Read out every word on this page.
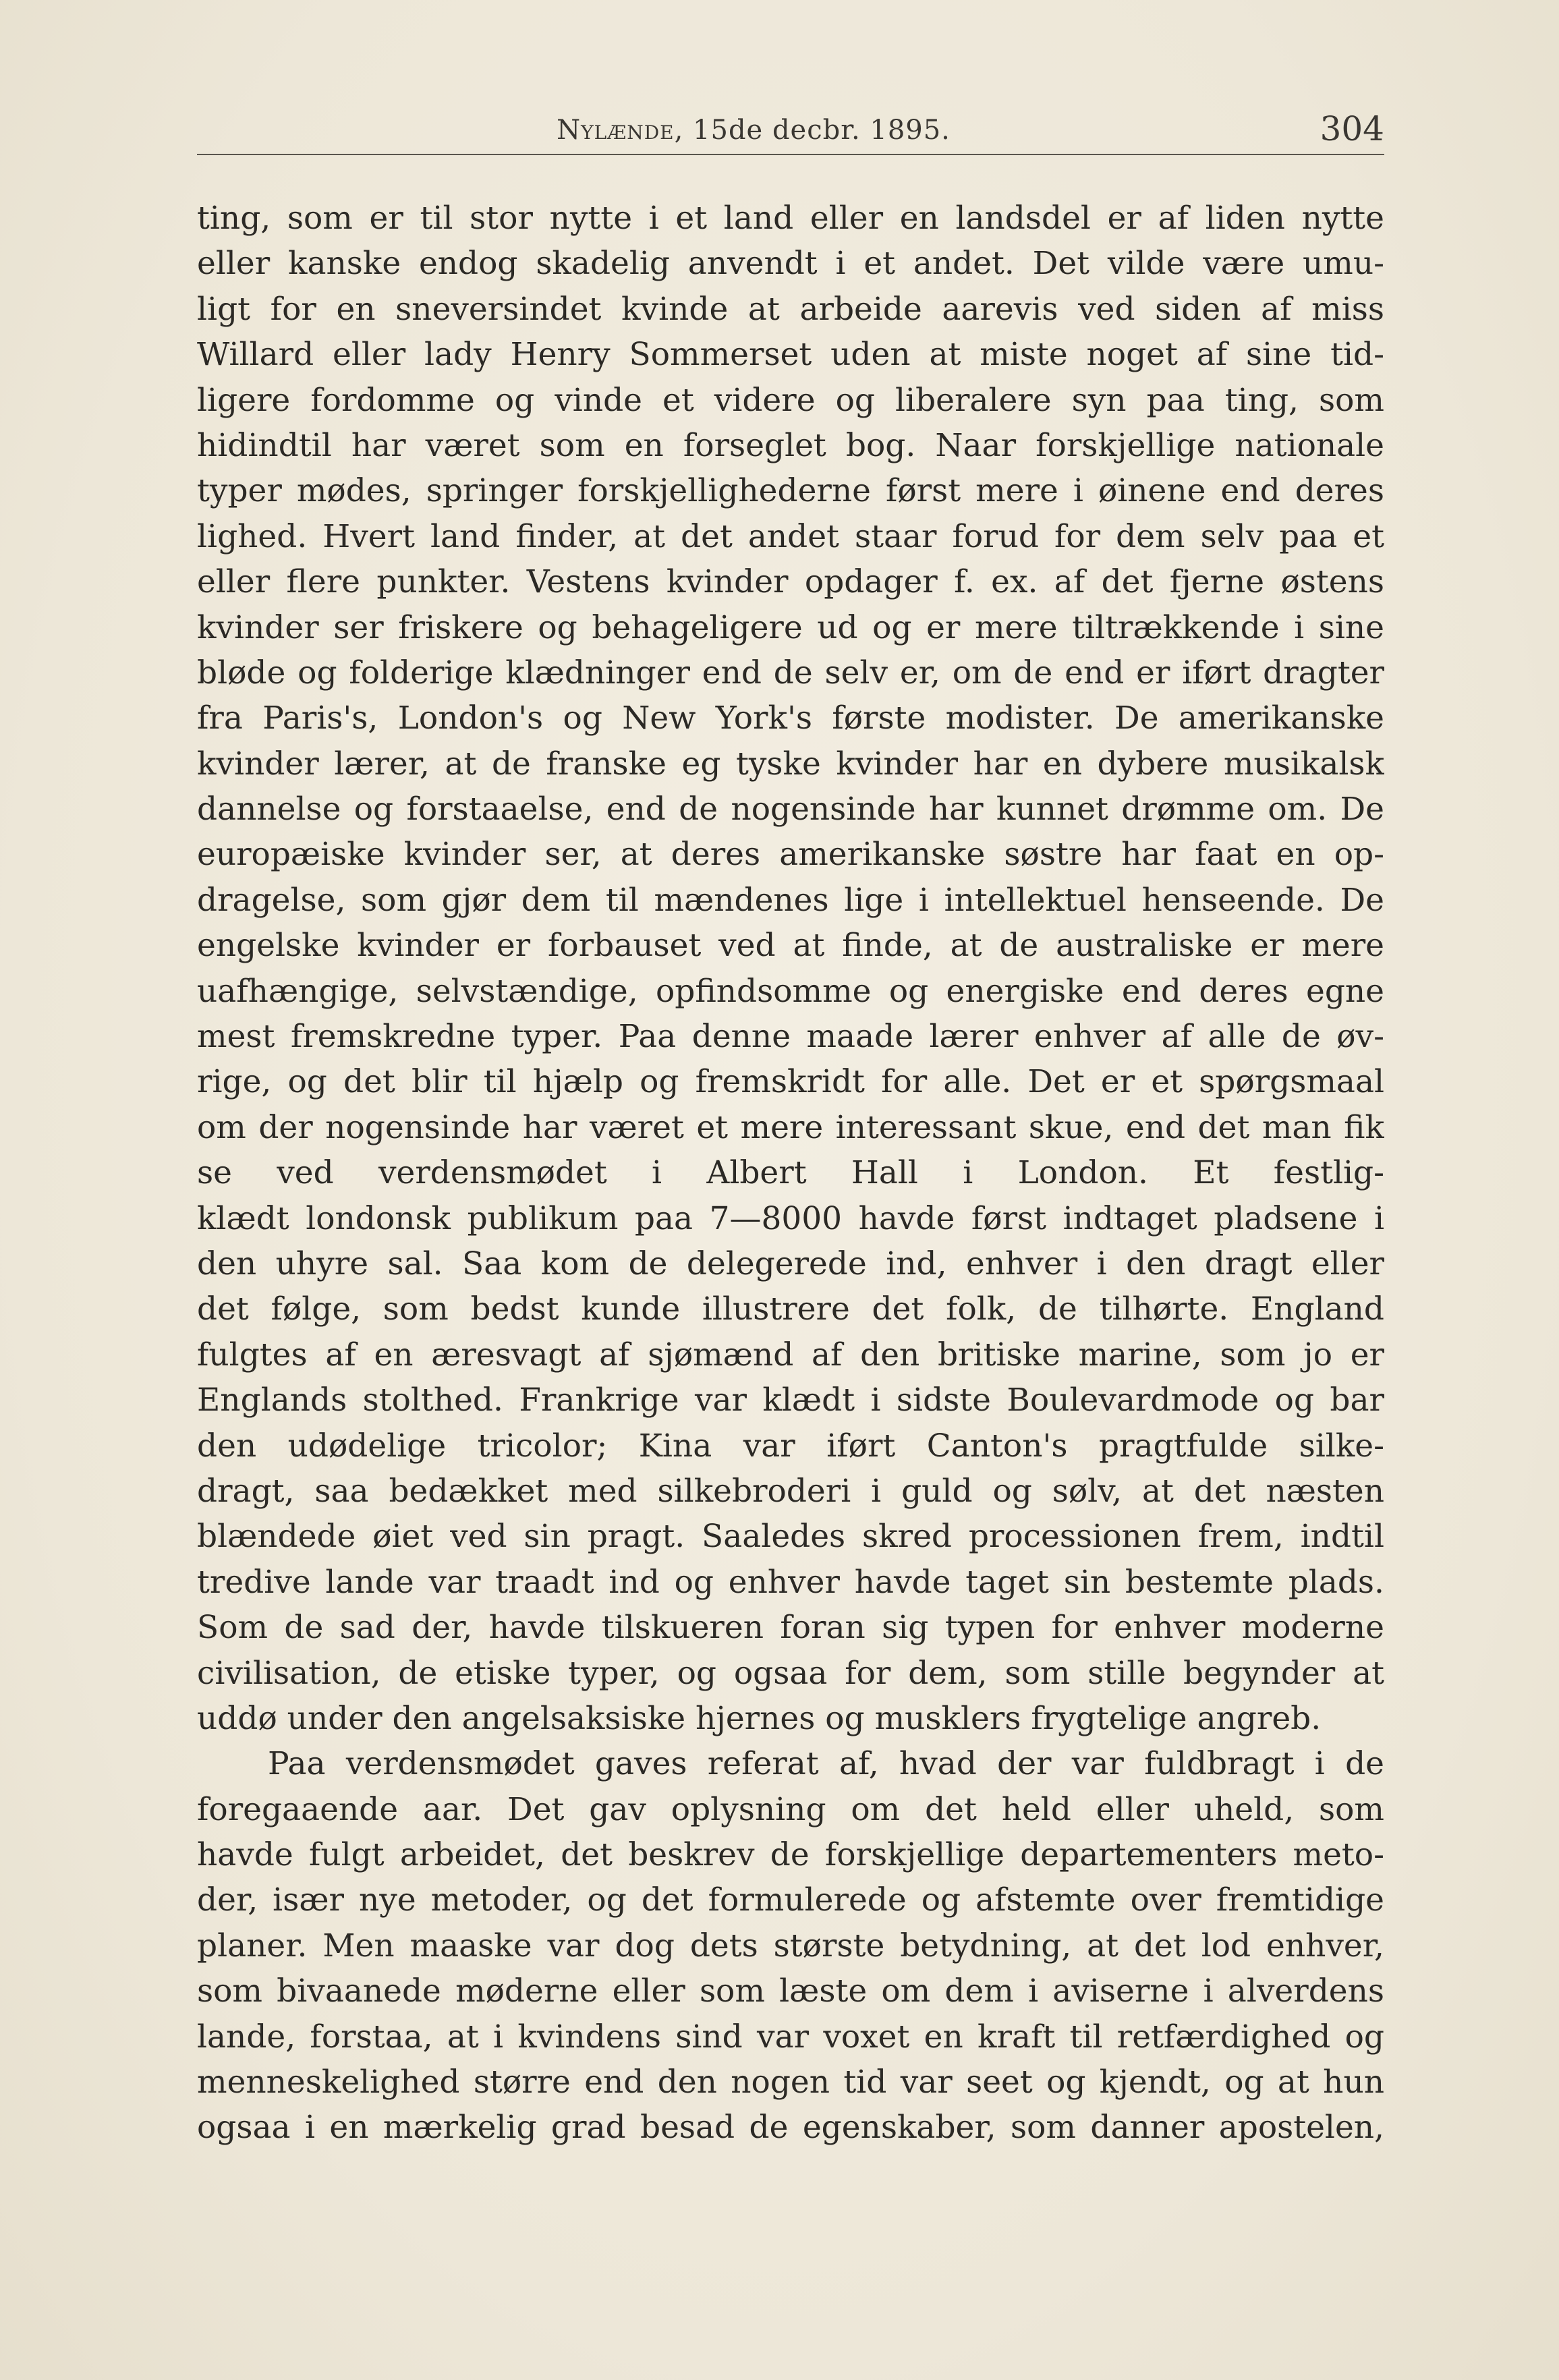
Nylænde, 15de decbr. 1895.	304
ting, som er til stor nytte i et land eller en landsdel er af liden nytte
eller kanske endog skadelig anvendt i et andet. Det vilde være umu-
ligt for en sneversindet kvinde at arbeide aarevis ved siden af miss
Willard eller lady Henry Sommerset uden at miste noget af sine tid-
ligere fordomme og vinde et videre og liberalere syn paa ting, som
hidindtil har været som en forseglet bog. Naar forskjellige nationale
typer mødes, springer forskjellighederne først mere i øinene end deres
lighed. Hvert land finder, at det andet staar forud for dem selv paa et
eller flere punkter. Vestens kvinder opdager f. ex. af det fjerne østens
kvinder ser friskere og behageligere ud og er mere tiltrækkende i sine
bløde og folderige klædninger end de selv er, om de end er iført dragter
fra Paris's, London's og New York's første modister. De amerikanske
kvinder lærer, at de franske eg tyske kvinder har en dybere musikalsk
dannelse og forstaaelse, end de nogensinde har kunnet drømme om. De
europæiske kvinder ser, at deres amerikanske søstre har faat en op-
dragelse, som gjør dem til mændenes lige i intellektuel henseende. De
engelske kvinder er forbauset ved at finde, at de australiske er mere
uafhængige, selvstændige, opfindsomme og energiske end deres egne
mest fremskredne typer. Paa denne maade lærer enhver af alle de øv-
rige, og det blir til hjælp og fremskridt for alle. Det er et spørgsmaal
om der nogensinde har været et mere interessant skue, end det man fik
se ved verdensmødet i Albert Hall i London. Et festlig-
klædt londonsk publikum paa 7—8000 havde først indtaget pladsene i
den uhyre sal. Saa kom de delegerede ind, enhver i den dragt eller
det følge, som bedst kunde illustrere det folk, de tilhørte. England
fulgtes af en æresvagt af sjømænd af den britiske marine, som jo er
Englands stolthed. Frankrige var klædt i sidste Boulevardmode og bar
den udødelige tricolor; Kina var iført Canton's pragtfulde silke-
dragt, saa bedækket med silkebroderi i guld og sølv, at det næsten
blændede øiet ved sin pragt. Saaledes skred processionen frem, indtil
tredive lande var traadt ind og enhver havde taget sin bestemte plads.
Som de sad der, havde tilskueren foran sig typen for enhver moderne
civilisation, de etiske typer, og ogsaa for dem, som stille begynder at
uddø under den angelsaksiske hjernes og musklers frygtelige angreb.
Paa verdensmødet gaves referat af, hvad der var fuldbragt i de
foregaaende aar. Det gav oplysning om det held eller uheld, som
havde fulgt arbeidet, det beskrev de forskjellige departementers meto-
der, især nye metoder, og det formulerede og afstemte over fremtidige
planer. Men maaske var dog dets største betydning, at det lod enhver,
som bivaanede møderne eller som læste om dem i aviserne i alverdens
lande, forstaa, at i kvindens sind var voxet en kraft til retfærdighed og
menneskelighed større end den nogen tid var seet og kjendt, og at hun
ogsaa i en mærkelig grad besad de egenskaber, som danner apostelen,
